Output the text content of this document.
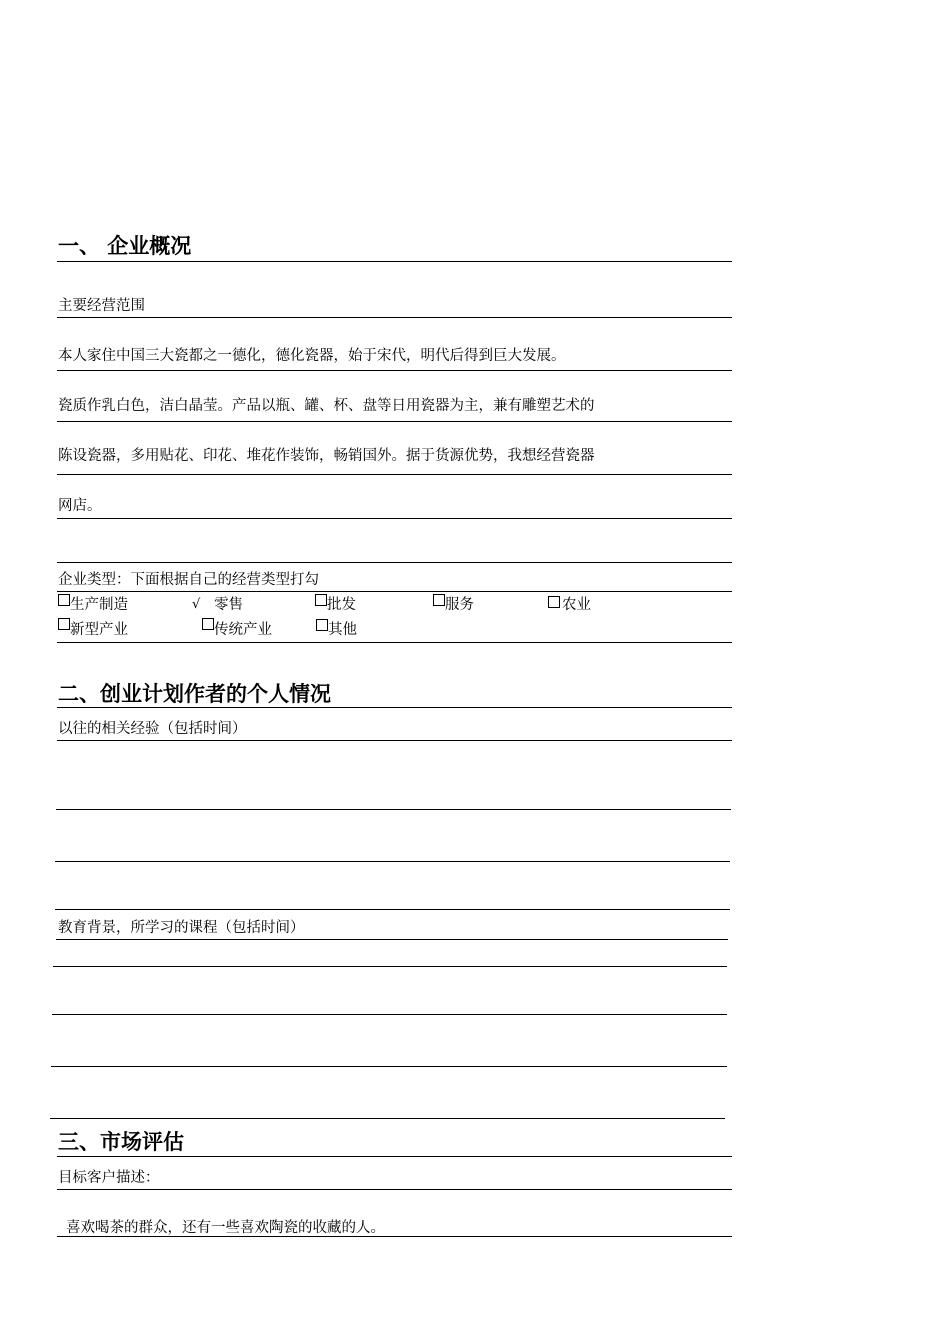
一、 企业概况
主要经营范围
本人家住中国三大瓷都之一德化，德化瓷器，始于宋代，明代后得到巨大发展。
瓷质作乳白色，洁白晶莹。产品以瓶、罐、杯、盘等日用瓷器为主，兼有雕塑艺术的
陈设瓷器，多用贴花、印花、堆花作装饰，畅销国外。据于货源优势，我想经营瓷器
网店。
企业类型：下面根据自己的经营类型打勾
生产制造	√ 零售	批发	服务	农业
新型产业	传统产业	其他
二、创业计划作者的个人情况
以往的相关经验（包括时间）
教育背景，所学习的课程（包括时间）
三、市场评估
目标客户描述：
喜欢喝茶的群众，还有一些喜欢陶瓷的收藏的人。
